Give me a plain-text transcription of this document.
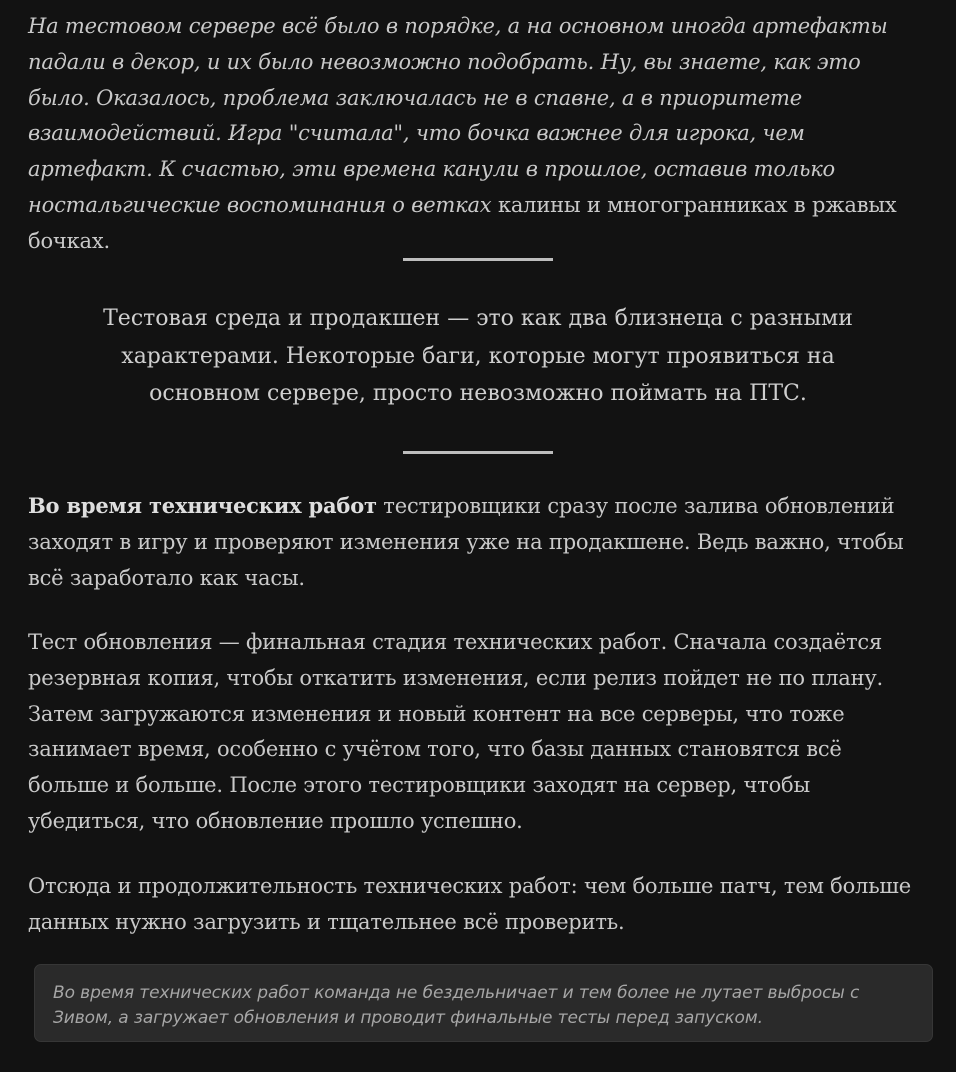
На тестовом сервере всё было в порядке, а на основном иногда артефакты падали в декор, и их было невозможно подобрать. Ну, вы знаете, как это было. Оказалось, проблема заключалась не в спавне, а в приоритете взаимодействий. Игра "считала", что бочка важнее для игрока, чем артефакт. К счастью, эти времена канули в прошлое, оставив только ностальгические воспоминания о ветках калины и многогранниках в ржавых бочках.

Тестовая среда и продакшен — это как два близнеца с разными характерами. Некоторые баги, которые могут проявиться на основном сервере, просто невозможно поймать на ПТС.

Во время технических работ тестировщики сразу после залива обновлений заходят в игру и проверяют изменения уже на продакшене. Ведь важно, чтобы всё заработало как часы.

Тест обновления — финальная стадия технических работ. Сначала создаётся резервная копия, чтобы откатить изменения, если релиз пойдет не по плану. Затем загружаются изменения и новый контент на все серверы, что тоже занимает время, особенно с учётом того, что базы данных становятся всё больше и больше. После этого тестировщики заходят на сервер, чтобы убедиться, что обновление прошло успешно.

Отсюда и продолжительность технических работ: чем больше патч, тем больше данных нужно загрузить и тщательнее всё проверить.

Во время технических работ команда не бездельничает и тем более не лутает выбросы с Зивом, а загружает обновления и проводит финальные тесты перед запуском.
